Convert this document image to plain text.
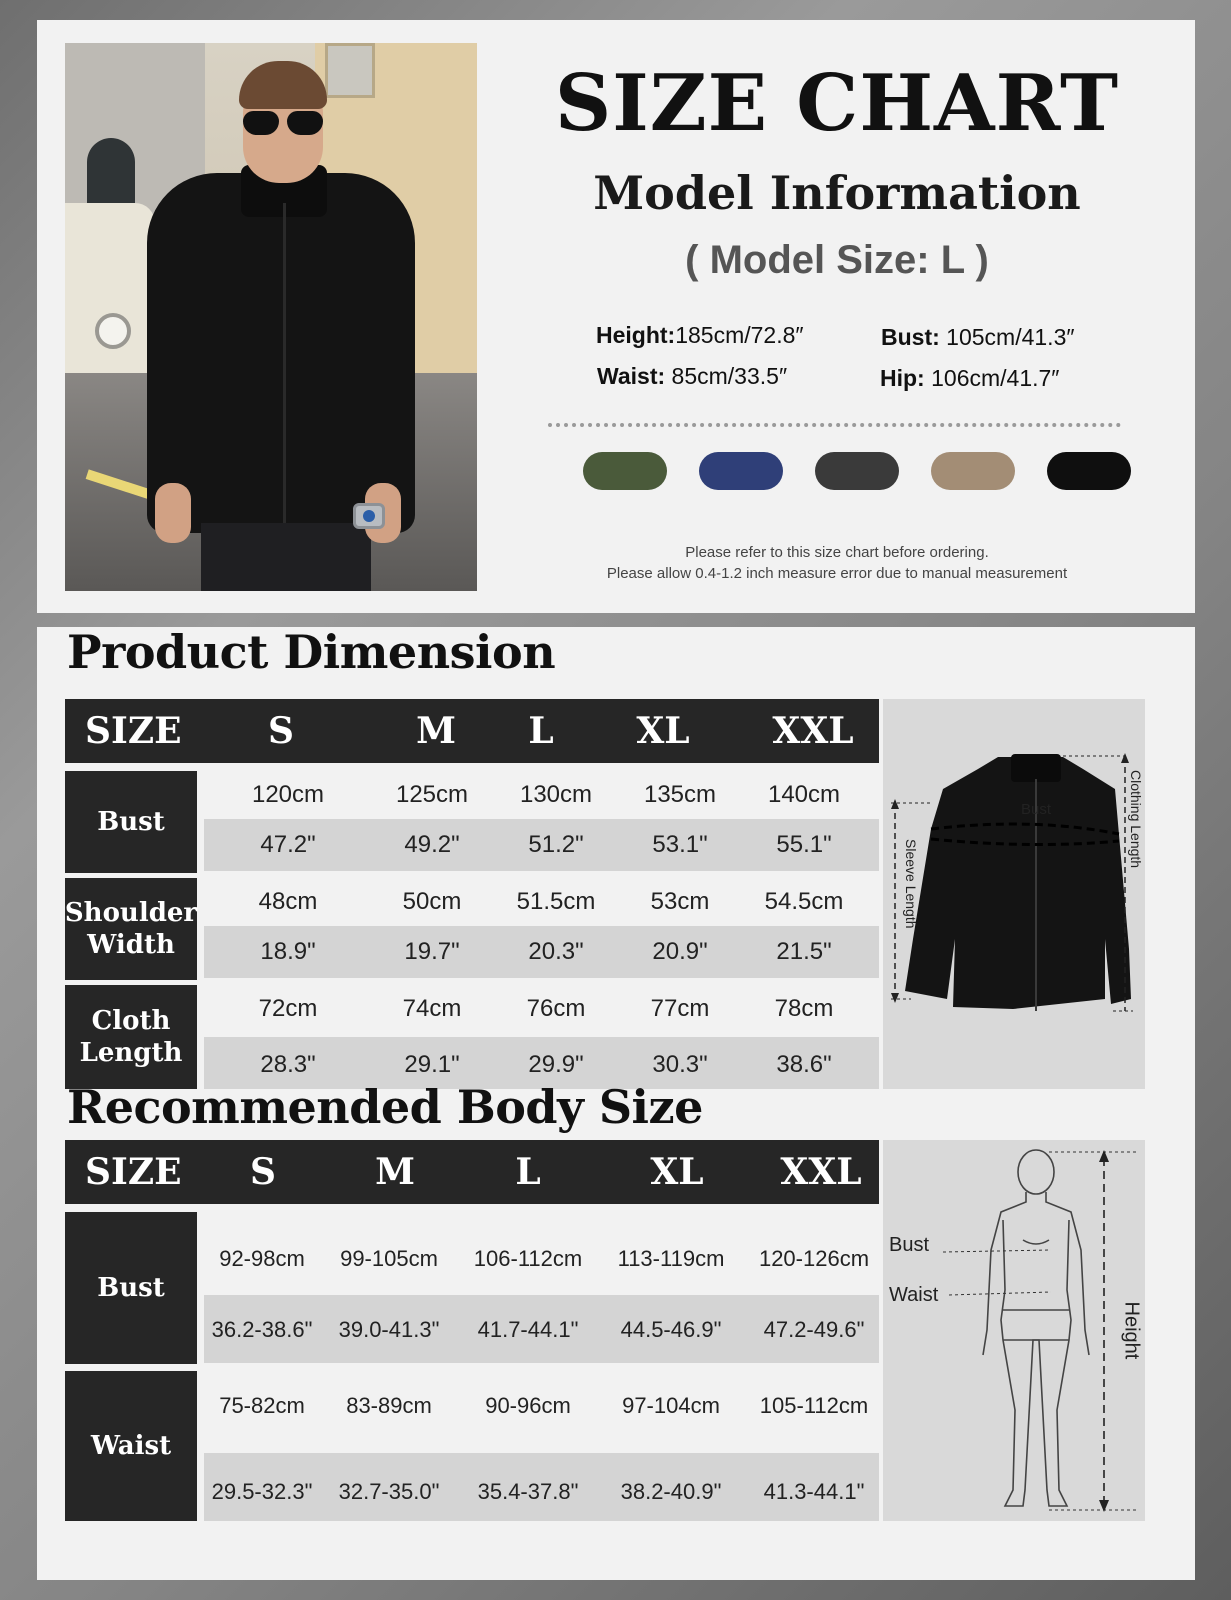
SIZE CHART
Model Information
( Model Size: L )
Height:185cm/72.8″	Bust: 105cm/41.3″
Waist: 85cm/33.5″	Hip: 106cm/41.7″
Please refer to this size chart before ordering.
Please allow 0.4-1.2 inch measure error due to manual measurement
Product Dimension
SIZE	S	M	L	XL	XXL
Bust
120cm	125cm	130cm	135cm	140cm
47.2"	49.2"	51.2"	53.1"	55.1"
Shoulder Width
48cm	50cm	51.5cm	53cm	54.5cm
18.9"	19.7"	20.3"	20.9"	21.5"
Cloth Length
72cm	74cm	76cm	77cm	78cm
28.3"	29.1"	29.9"	30.3"	38.6"
Bust
Sleeve Length
Clothing Length
Recommended Body Size
SIZE	S	M	L	XL	XXL
Bust
92-98cm	99-105cm	106-112cm	113-119cm	120-126cm
36.2-38.6"	39.0-41.3"	41.7-44.1"	44.5-46.9"	47.2-49.6"
Waist
75-82cm	83-89cm	90-96cm	97-104cm	105-112cm
29.5-32.3"	32.7-35.0"	35.4-37.8"	38.2-40.9"	41.3-44.1"
Bust
Waist
Height
